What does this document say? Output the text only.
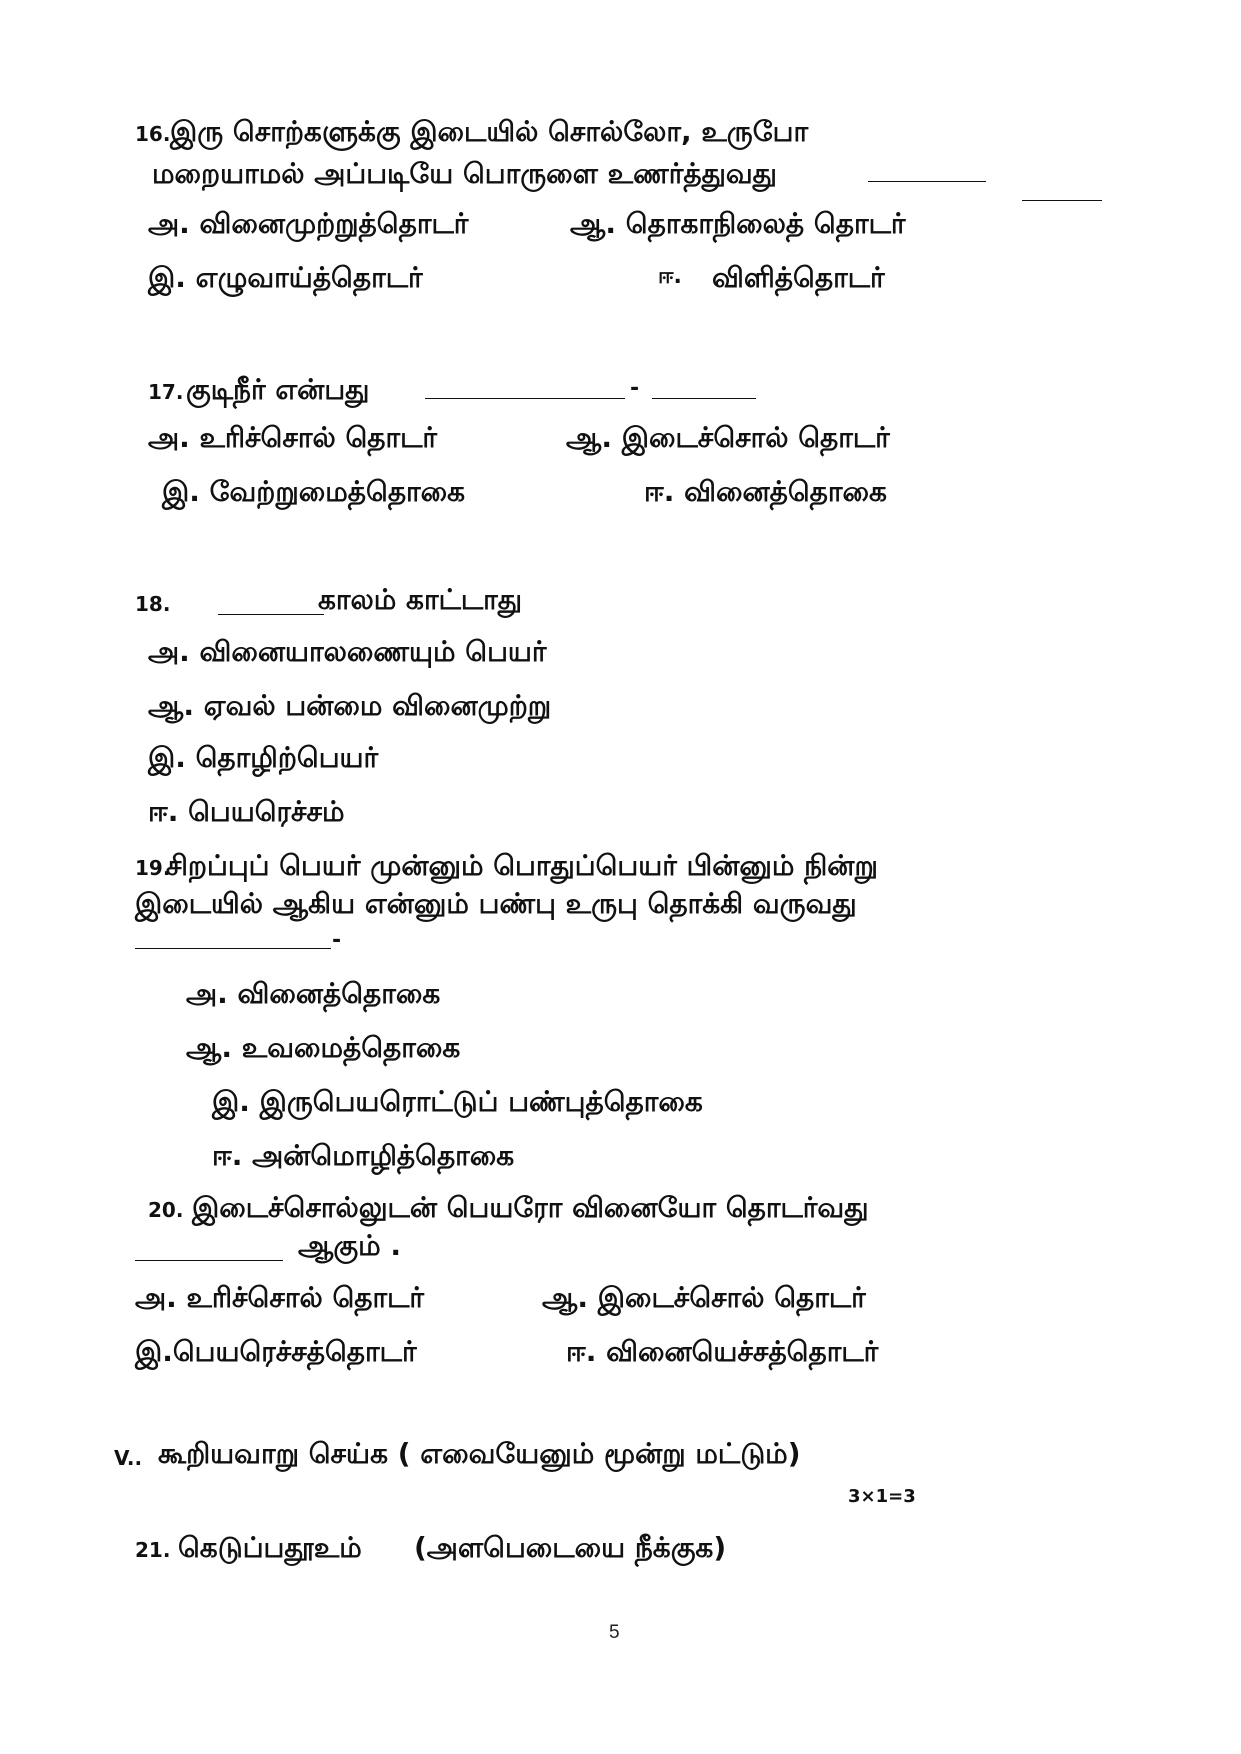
16. இரு சொற்களுக்கு இடையில் சொல்லோ, உருபோ
மறையாமல் அப்படியே பொருளை உணர்த்துவது
அ. வினைமுற்றுத்தொடர்	ஆ. தொகாநிலைத் தொடர்
இ. எழுவாய்த்தொடர்	ஈ. விளித்தொடர்
17. குடிநீர் என்பது	-
அ. உரிச்சொல் தொடர்	ஆ. இடைச்சொல் தொடர்
இ. வேற்றுமைத்தொகை	ஈ. வினைத்தொகை
18.	காலம் காட்டாது
அ. வினையாலணையும் பெயர்
ஆ. ஏவல் பன்மை வினைமுற்று
இ. தொழிற்பெயர்
ஈ. பெயரெச்சம்
19.
சிறப்புப் பெயர் முன்னும் பொதுப்பெயர் பின்னும் நின்று
இடையில் ஆகிய என்னும் பண்பு உருபு தொக்கி வருவது
-
அ. வினைத்தொகை
ஆ. உவமைத்தொகை
இ. இருபெயரொட்டுப் பண்புத்தொகை
ஈ. அன்மொழித்தொகை
20. இடைச்சொல்லுடன் பெயரோ வினையோ தொடர்வது
ஆகும் .
அ. உரிச்சொல் தொடர்	ஆ. இடைச்சொல் தொடர்
இ.பெயரெச்சத்தொடர்	ஈ. வினையெச்சத்தொடர்
V.. கூறியவாறு செய்க ( எவையேனும் மூன்று மட்டும்)
3×1=3
21. கெடுப்பதூஉம் (அளபெடையை நீக்குக)
5
